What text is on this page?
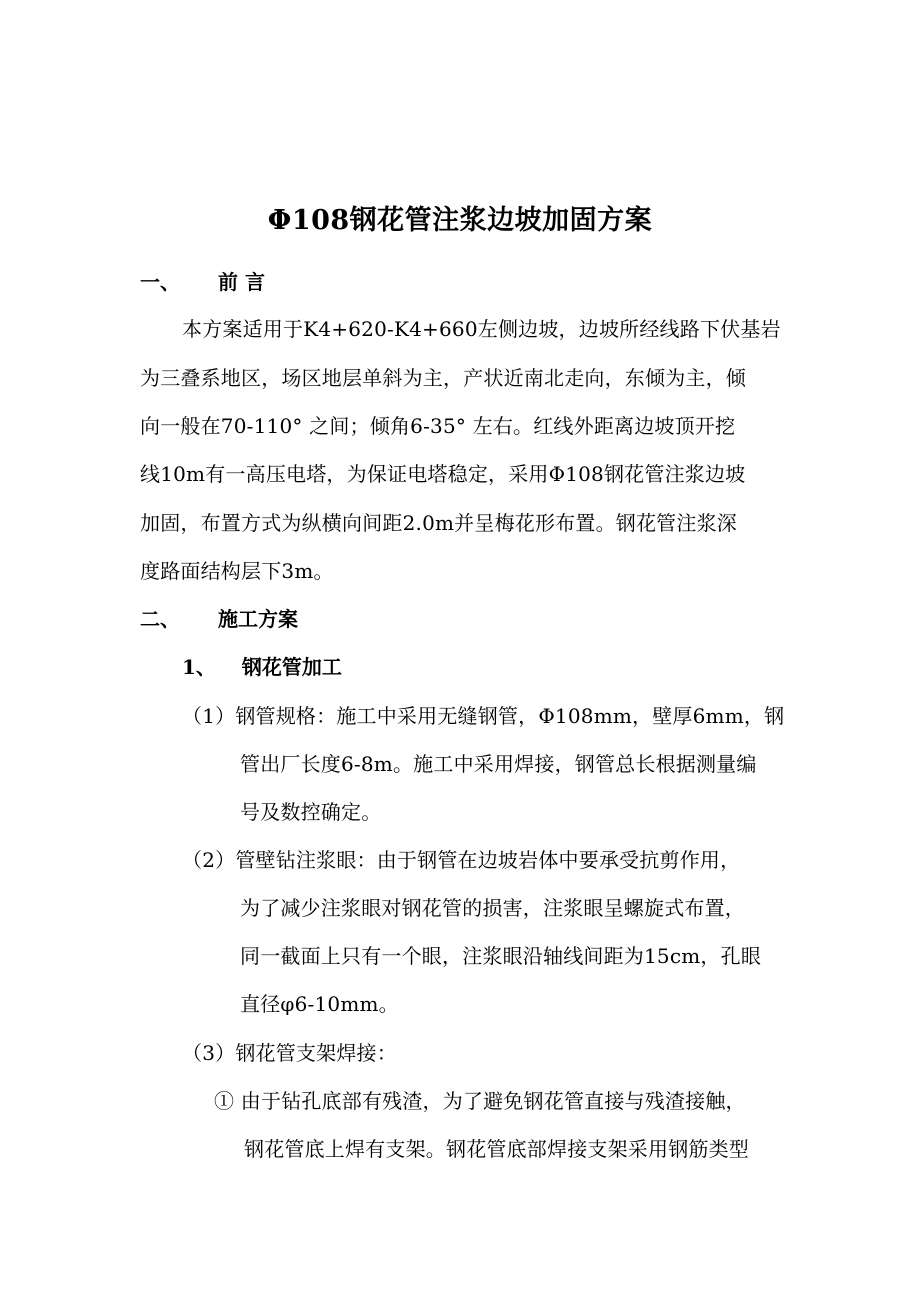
Φ108钢花管注浆边坡加固方案
一、 前 言
本方案适用于K4+620-K4+660左侧边坡，边坡所经线路下伏基岩
为三叠系地区，场区地层单斜为主，产状近南北走向，东倾为主，倾
向一般在70-110° 之间；倾角6-35° 左右。红线外距离边坡顶开挖
线10m有一高压电塔，为保证电塔稳定，采用Φ108钢花管注浆边坡
加固，布置方式为纵横向间距2.0m并呈梅花形布置。钢花管注浆深
度路面结构层下3m。
二、 施工方案
1、 钢花管加工
（1）钢管规格：施工中采用无缝钢管，Φ108mm，壁厚6mm，钢
管出厂长度6-8m。施工中采用焊接，钢管总长根据测量编
号及数控确定。
（2）管壁钻注浆眼：由于钢管在边坡岩体中要承受抗剪作用，
为了减少注浆眼对钢花管的损害，注浆眼呈螺旋式布置，
同一截面上只有一个眼，注浆眼沿轴线间距为15cm，孔眼
直径φ6-10mm。
（3）钢花管支架焊接：
① 由于钻孔底部有残渣，为了避免钢花管直接与残渣接触，
钢花管底上焊有支架。钢花管底部焊接支架采用钢筋类型
